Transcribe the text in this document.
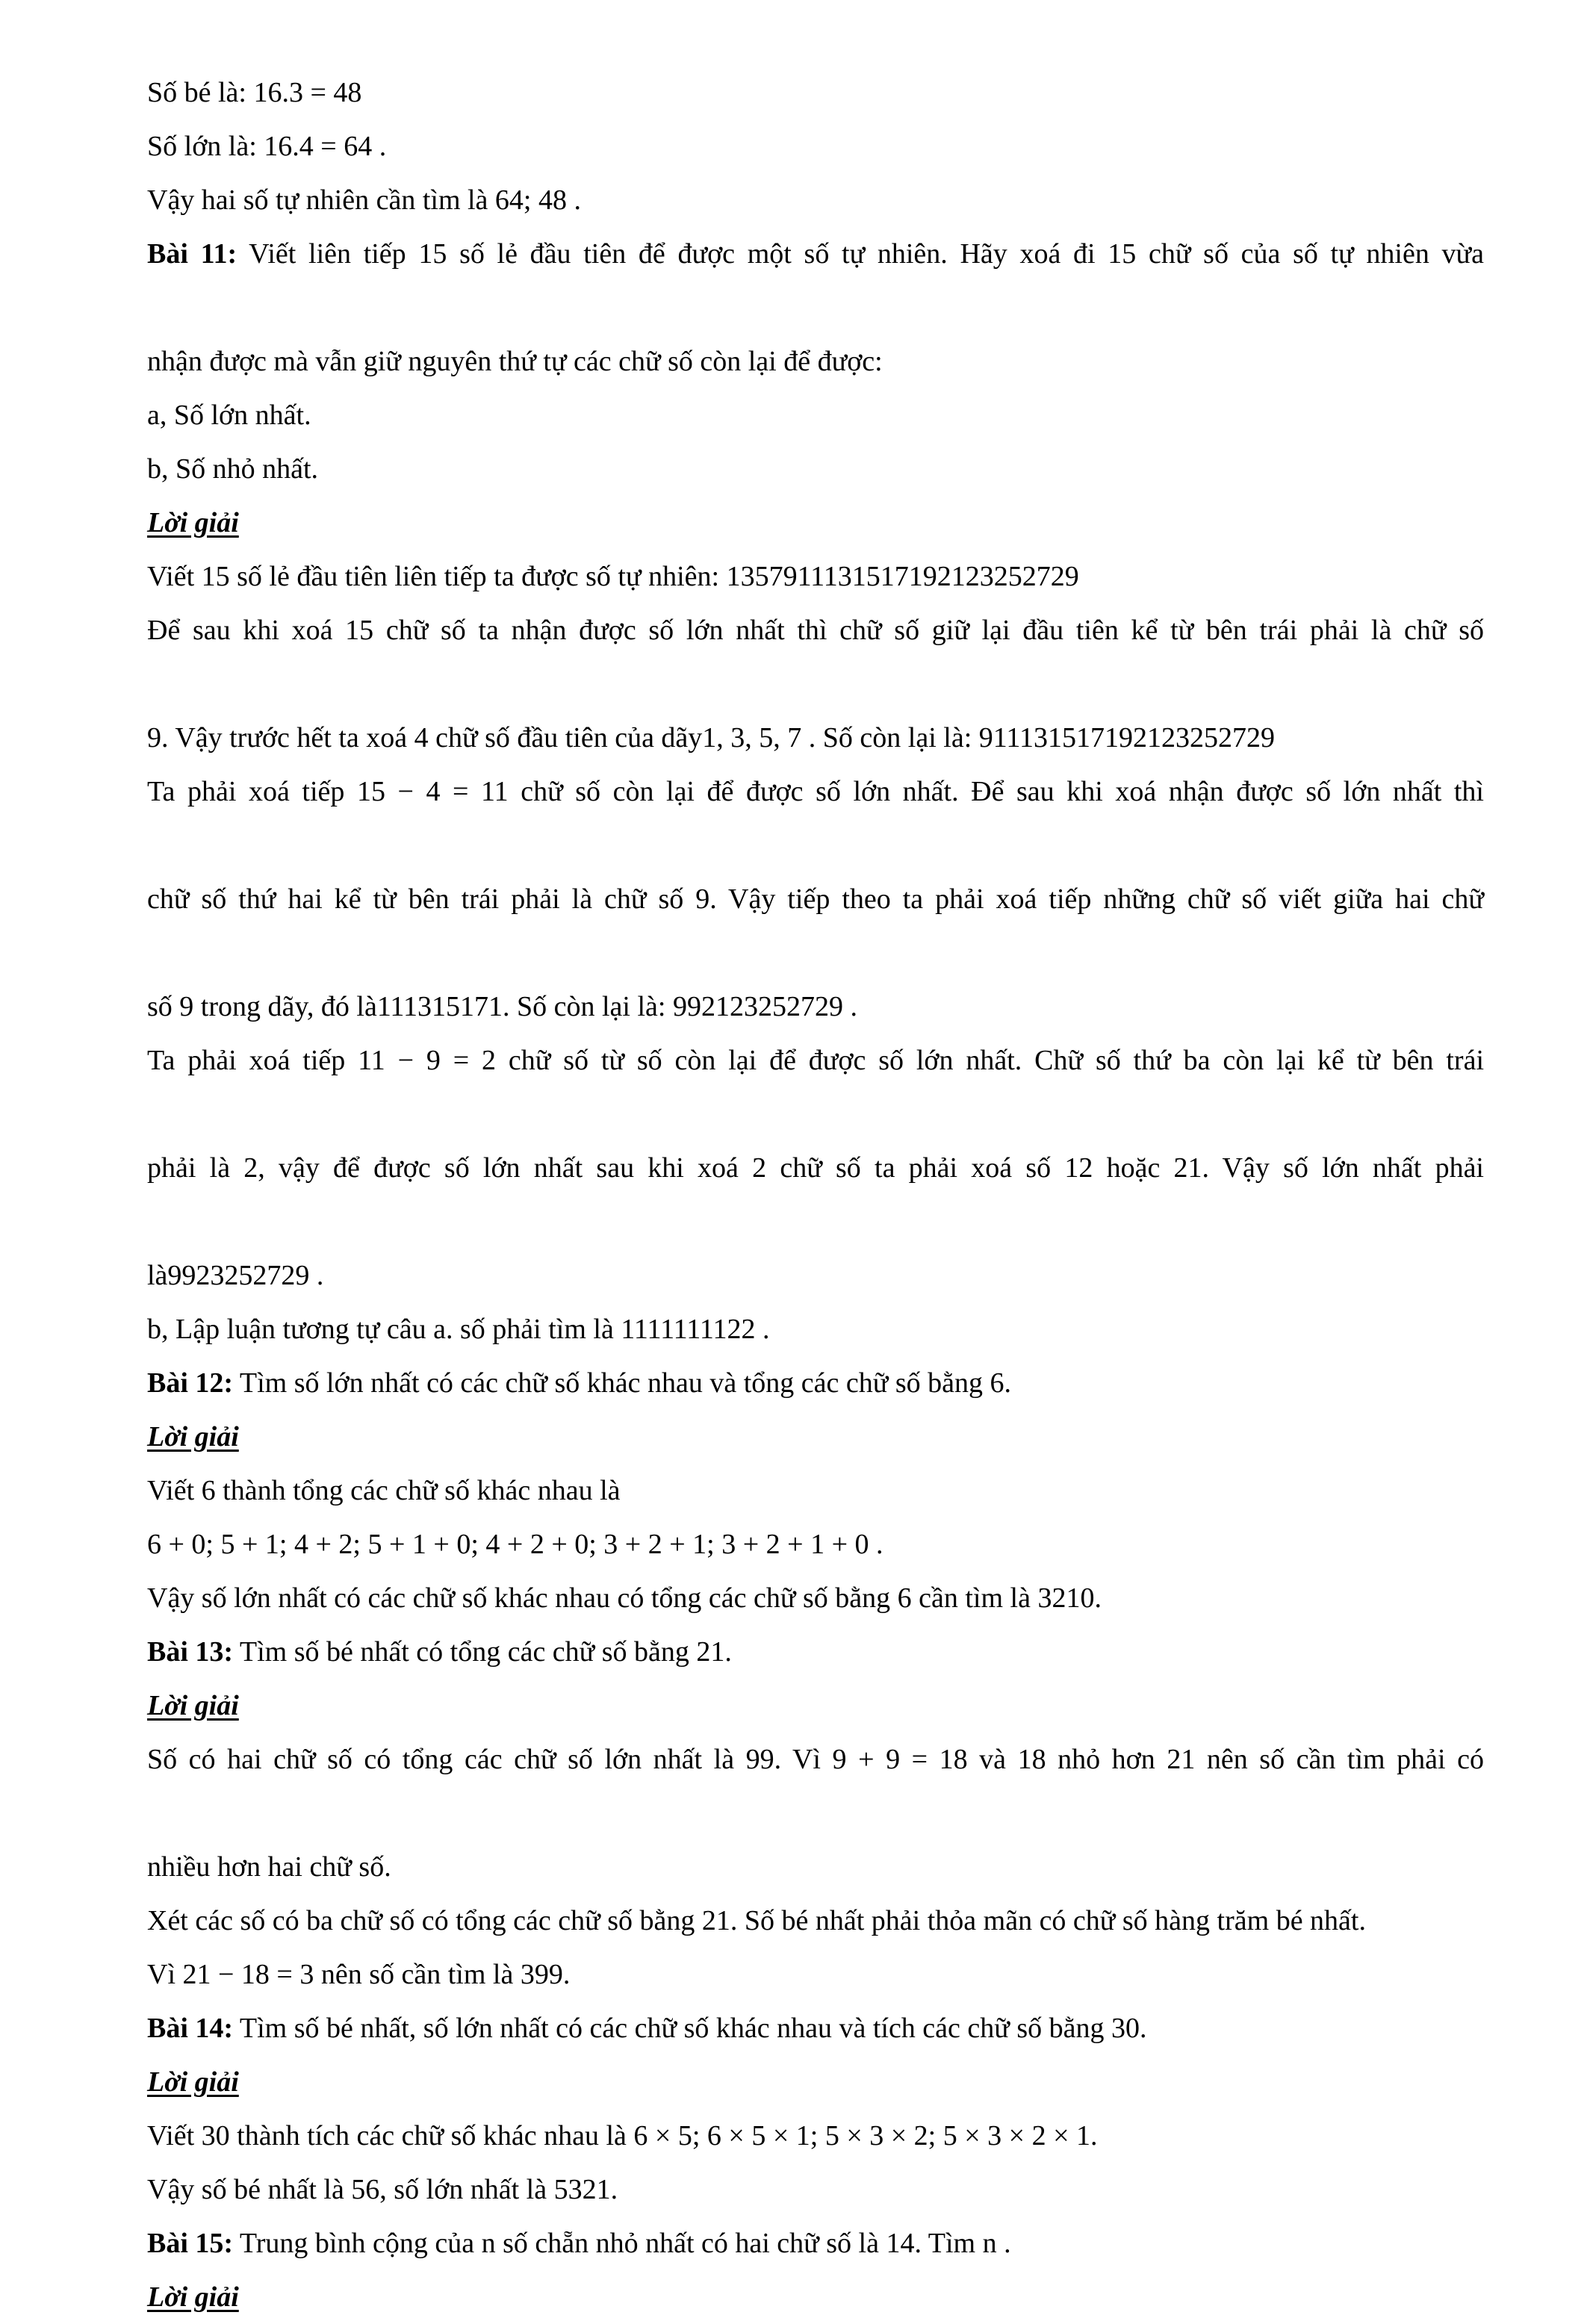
Số bé là: 16.3 = 48
Số lớn là: 16.4 = 64 .
Vậy hai số tự nhiên cần tìm là 64; 48 .
Bài 11: Viết liên tiếp 15 số lẻ đầu tiên để được một số tự nhiên. Hãy xoá đi 15 chữ số của số tự nhiên vừa
nhận được mà vẫn giữ nguyên thứ tự các chữ số còn lại để được:
a, Số lớn nhất.
b, Số nhỏ nhất.
Lời giải
Viết 15 số lẻ đầu tiên liên tiếp ta được số tự nhiên: 1357911131517192123252729
Để sau khi xoá 15 chữ số ta nhận được số lớn nhất thì chữ số giữ lại đầu tiên kể từ bên trái phải là chữ số
9. Vậy trước hết ta xoá 4 chữ số đầu tiên của dãy1, 3, 5, 7 . Số còn lại là: 911131517192123252729
Ta phải xoá tiếp 15 − 4 = 11 chữ số còn lại để được số lớn nhất. Để sau khi xoá nhận được số lớn nhất thì
chữ số thứ hai kể từ bên trái phải là chữ số 9. Vậy tiếp theo ta phải xoá tiếp những chữ số viết giữa hai chữ
số 9 trong dãy, đó là111315171. Số còn lại là: 992123252729 .
Ta phải xoá tiếp 11 − 9 = 2 chữ số từ số còn lại để được số lớn nhất. Chữ số thứ ba còn lại kể từ bên trái
phải là 2, vậy để được số lớn nhất sau khi xoá 2 chữ số ta phải xoá số 12 hoặc 21. Vậy số lớn nhất phải
là9923252729 .
b, Lập luận tương tự câu a. số phải tìm là 1111111122 .
Bài 12: Tìm số lớn nhất có các chữ số khác nhau và tổng các chữ số bằng 6.
Lời giải
Viết 6 thành tổng các chữ số khác nhau là
6 + 0; 5 + 1; 4 + 2; 5 + 1 + 0; 4 + 2 + 0; 3 + 2 + 1; 3 + 2 + 1 + 0 .
Vậy số lớn nhất có các chữ số khác nhau có tổng các chữ số bằng 6 cần tìm là 3210.
Bài 13: Tìm số bé nhất có tổng các chữ số bằng 21.
Lời giải
Số có hai chữ số có tổng các chữ số lớn nhất là 99. Vì 9 + 9 = 18 và 18 nhỏ hơn 21 nên số cần tìm phải có
nhiều hơn hai chữ số.
Xét các số có ba chữ số có tổng các chữ số bằng 21. Số bé nhất phải thỏa mãn có chữ số hàng trăm bé nhất.
Vì 21 − 18 = 3 nên số cần tìm là 399.
Bài 14: Tìm số bé nhất, số lớn nhất có các chữ số khác nhau và tích các chữ số bằng 30.
Lời giải
Viết 30 thành tích các chữ số khác nhau là 6 × 5; 6 × 5 × 1; 5 × 3 × 2; 5 × 3 × 2 × 1.
Vậy số bé nhất là 56, số lớn nhất là 5321.
Bài 15: Trung bình cộng của n số chẵn nhỏ nhất có hai chữ số là 14. Tìm n .
Lời giải
